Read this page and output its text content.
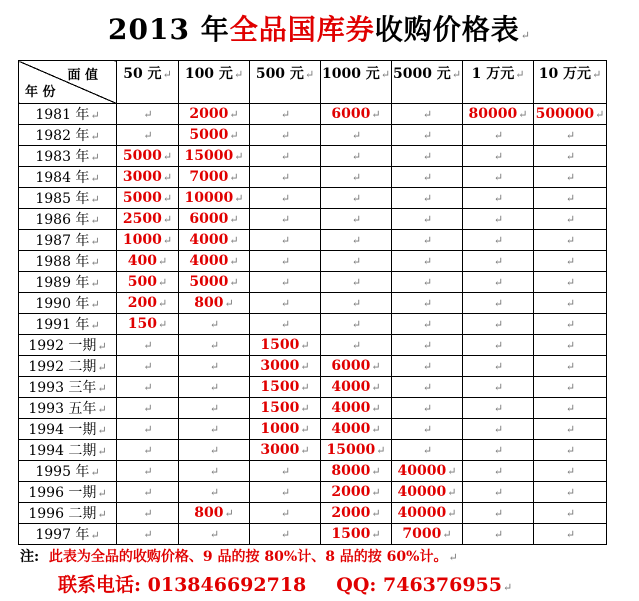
2013 年全品国库券收购价格表↵
面 值
年 份	50 元↵	100 元↵	500 元↵	1000 元↵	5000 元↵	1 万元↵	10 万元↵
1981 年↵	↵	2000↵	↵	6000↵	↵	80000↵	500000↵
1982 年↵	↵	5000↵	↵	↵	↵	↵	↵
1983 年↵	5000↵	15000↵	↵	↵	↵	↵	↵
1984 年↵	3000↵	7000↵	↵	↵	↵	↵	↵
1985 年↵	5000↵	10000↵	↵	↵	↵	↵	↵
1986 年↵	2500↵	6000↵	↵	↵	↵	↵	↵
1987 年↵	1000↵	4000↵	↵	↵	↵	↵	↵
1988 年↵	400↵	4000↵	↵	↵	↵	↵	↵
1989 年↵	500↵	5000↵	↵	↵	↵	↵	↵
1990 年↵	200↵	800↵	↵	↵	↵	↵	↵
1991 年↵	150↵	↵	↵	↵	↵	↵	↵
1992 一期↵	↵	↵	1500↵	↵	↵	↵	↵
1992 二期↵	↵	↵	3000↵	6000↵	↵	↵	↵
1993 三年↵	↵	↵	1500↵	4000↵	↵	↵	↵
1993 五年↵	↵	↵	1500↵	4000↵	↵	↵	↵
1994 一期↵	↵	↵	1000↵	4000↵	↵	↵	↵
1994 二期↵	↵	↵	3000↵	15000↵	↵	↵	↵
1995 年↵	↵	↵	↵	8000↵	40000↵	↵	↵
1996 一期↵	↵	↵	↵	2000↵	40000↵	↵	↵
1996 二期↵	↵	800↵	↵	2000↵	40000↵	↵	↵
1997 年↵	↵	↵	↵	1500↵	7000↵	↵	↵
注: 此表为全品的收购价格、9 品的按 80%计、8 品的按 60%计。↵
联系电话: 013846692718 QQ: 746376955↵
